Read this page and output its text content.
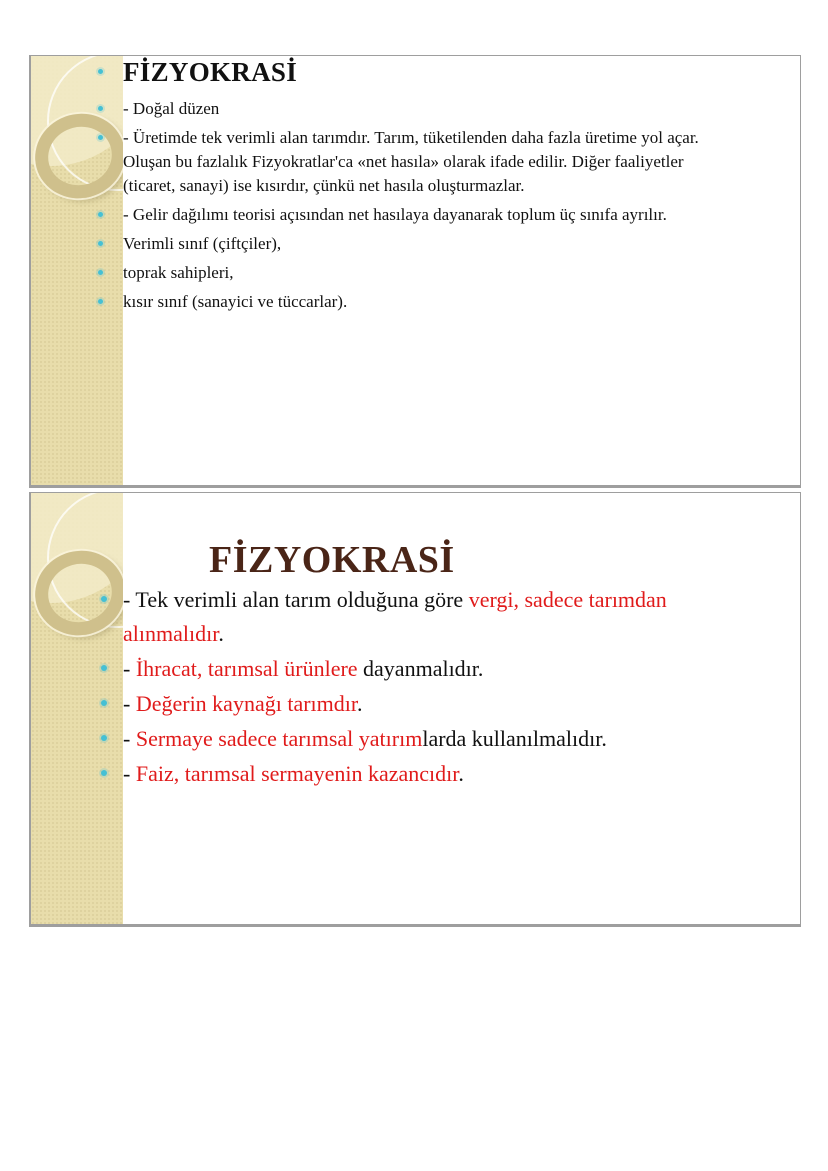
FİZYOKRASİ
- Doğal düzen
- Üretimde tek verimli alan tarımdır. Tarım, tüketilenden daha fazla üretime yol açar. Oluşan bu fazlalık Fizyokratlar'ca «net hasıla» olarak ifade edilir. Diğer faaliyetler (ticaret, sanayi) ise kısırdır, çünkü net hasıla oluşturmazlar.
- Gelir dağılımı teorisi açısından net hasılaya dayanarak toplum üç sınıfa ayrılır.
Verimli sınıf (çiftçiler),
toprak sahipleri,
kısır sınıf (sanayici ve tüccarlar).
FİZYOKRASİ
- Tek verimli alan tarım olduğuna göre vergi, sadece tarımdan alınmalıdır.
- İhracat, tarımsal ürünlere dayanmalıdır.
- Değerin kaynağı tarımdır.
- Sermaye sadece tarımsal yatırımlarda kullanılmalıdır.
- Faiz, tarımsal sermayenin kazancıdır.
